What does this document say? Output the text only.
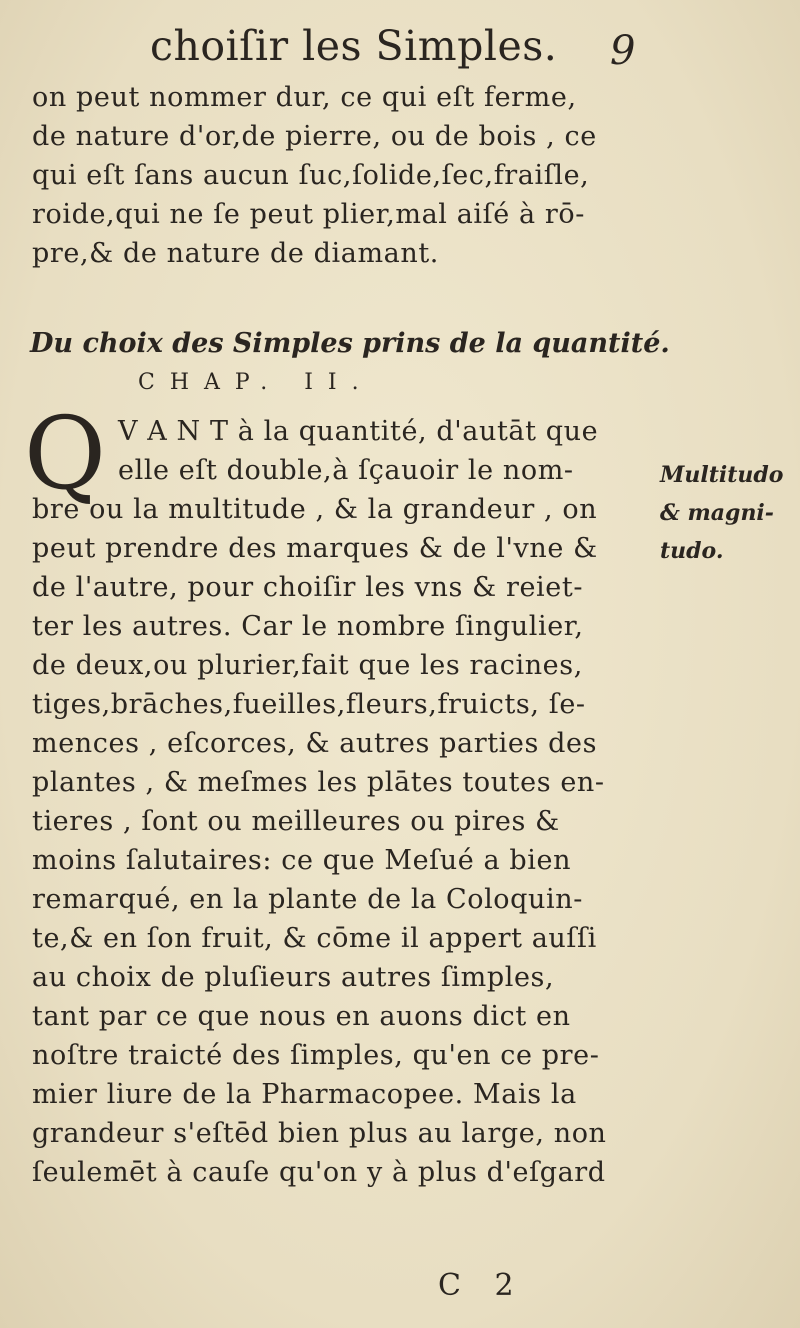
choiſir les Simples. 9
on peut nommer dur, ce qui eſt ferme,
de nature d'or,de pierre, ou de bois , ce
qui eſt ſans aucun ſuc,ſolide,ſec,fraiſle,
roide,qui ne ſe peut plier,mal aiſé à rō-
pre,& de nature de diamant.
Du choix des Simples prins de la quantité.
CHAP. II.
Q V A N T à la quantité, d'autāt que
elle eſt double,à ſçauoir le nom-
bre ou la multitude , & la grandeur , on
peut prendre des marques & de l'vne &
de l'autre, pour choiſir les vns & reiet-
ter les autres. Car le nombre ſingulier,
de deux,ou plurier,fait que les racines,
tiges,brāches,fueilles,fleurs,fruicts, ſe-
mences , eſcorces, & autres parties des
plantes , & meſmes les plātes toutes en-
tieres , ſont ou meilleures ou pires &
moins ſalutaires: ce que Meſué a bien
remarqué, en la plante de la Coloquin-
te,& en ſon fruit, & cōme il appert auſſi
au choix de pluſieurs autres ſimples,
tant par ce que nous en auons dict en
noſtre traicté des ſimples, qu'en ce pre-
mier liure de la Pharmacopee. Mais la
grandeur s'eſtēd bien plus au large, non
ſeulemēt à cauſe qu'on y à plus d'eſgard
Multitudo
& magni-
tudo.
C 2
